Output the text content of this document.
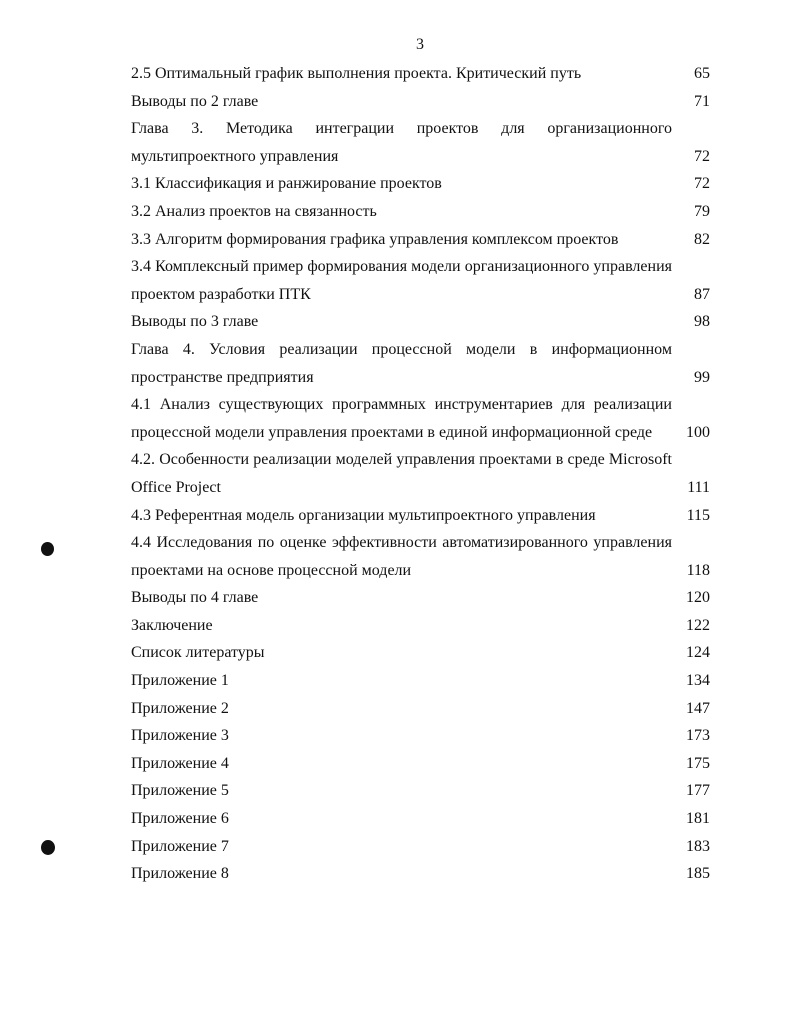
3
2.5 Оптимальный график выполнения проекта. Критический путь	65
Выводы по 2 главе	71
Глава 3. Методика интеграции проектов для организационного мультипроектного управления	72
3.1 Классификация и ранжирование проектов	72
3.2 Анализ проектов на связанность	79
3.3 Алгоритм формирования графика управления комплексом проектов	82
3.4 Комплексный пример формирования модели организационного управления проектом разработки ПТК	87
Выводы по 3 главе	98
Глава 4. Условия реализации процессной модели в информационном пространстве предприятия	99
4.1 Анализ существующих программных инструментариев для реализации процессной модели управления проектами в единой информационной среде	100
4.2. Особенности реализации моделей управления проектами в среде Microsoft Office Project	111
4.3 Референтная модель организации мультипроектного управления	115
4.4 Исследования по оценке эффективности автоматизированного управления проектами на основе процессной модели	118
Выводы по 4 главе	120
Заключение	122
Список литературы	124
Приложение 1	134
Приложение 2	147
Приложение 3	173
Приложение 4	175
Приложение 5	177
Приложение 6	181
Приложение 7	183
Приложение 8	185
